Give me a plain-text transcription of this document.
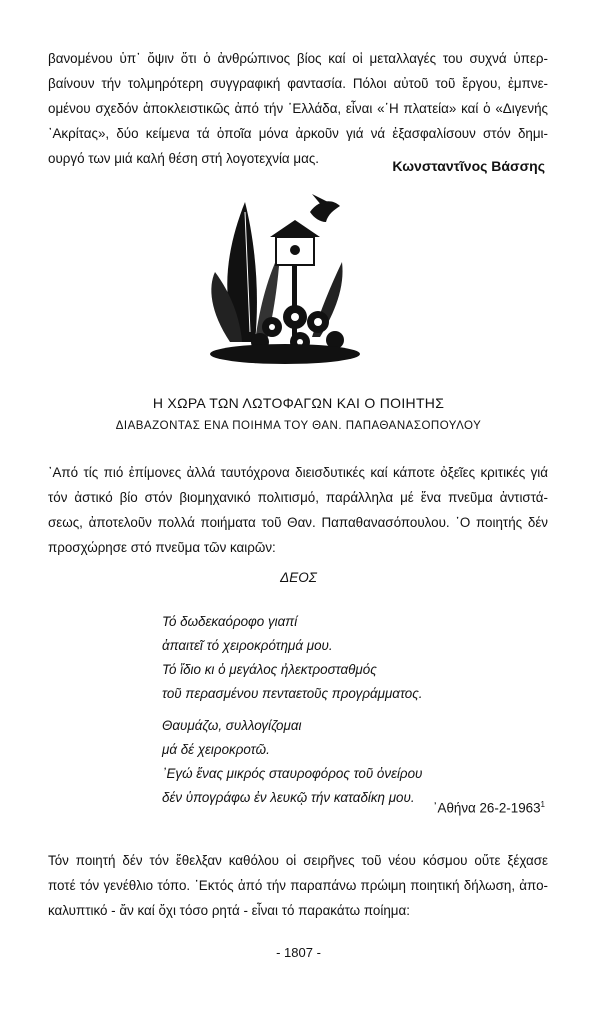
βανομένου ὑπ᾽ ὄψιν ὅτι ὁ ἀνθρώπινος βίος καί οἱ μεταλλαγές του συχνά ὑπερ-
βαίνουν τήν τολμηρότερη συγγραφική φαντασία. Πόλοι αὐτοῦ τοῦ ἔργου, ἐμπνε-
ομένου σχεδόν ἀποκλειστικῶς ἀπό τήν ῾Ελλάδα, εἶναι «῾Η πλατεία» καί ὁ «Διγενής
᾽Ακρίτας», δύο κείμενα τά ὁποῖα μόνα ἀρκοῦν γιά νά ἐξασφαλίσουν στόν δημι-
ουργό των μιά καλή θέση στή λογοτεχνία μας.	Κωνσταντῖνος Βάσσης
Η ΧΩΡΑ ΤΩΝ ΛΩΤΟΦΑΓΩΝ ΚΑΙ Ο ΠΟΙΗΤΗΣ
ΔΙΑΒΑΖΟΝΤΑΣ ΕΝΑ ΠΟΙΗΜΑ ΤΟΥ ΘΑΝ. ΠΑΠΑΘΑΝΑΣΟΠΟΥΛΟΥ
᾽Από τίς πιό ἐπίμονες ἀλλά ταυτόχρονα διεισδυτικές καί κάποτε ὀξεῖες κριτικές γιά
τόν ἀστικό βίο στόν βιομηχανικό πολιτισμό, παράλληλα μέ ἕνα πνεῦμα ἀντιστά-
σεως, ἀποτελοῦν πολλά ποιήματα τοῦ Θαν. Παπαθανασόπουλου. ῾Ο ποιητής δέν
προσχώρησε στό πνεῦμα τῶν καιρῶν:
ΔΕΟΣ
Τό δωδεκαόροφο γιαπί
ἀπαιτεῖ τό χειροκρότημά μου.
Τό ἴδιο κι ὁ μεγάλος ἠλεκτροσταθμός
τοῦ περασμένου πενταετοῦς προγράμματος.
Θαυμάζω, συλλογίζομαι
μά δέ χειροκροτῶ.
᾽Εγώ ἕνας μικρός σταυροφόρος τοῦ ὀνείρου
δέν ὑπογράφω ἐν λευκῷ τήν καταδίκη μου.
᾽Αθήνα 26-2-1963$^1$
Τόν ποιητή δέν τόν ἔθελξαν καθόλου οἱ σειρῆνες τοῦ νέου κόσμου οὔτε ξέχασε
ποτέ τόν γενέθλιο τόπο. ᾽Εκτός ἀπό τήν παραπάνω πρώιμη ποιητική δήλωση, ἀπο-
καλυπτικό - ἄν καί ὄχι τόσο ρητά - εἶναι τό παρακάτω ποίημα:
- 1807 -
